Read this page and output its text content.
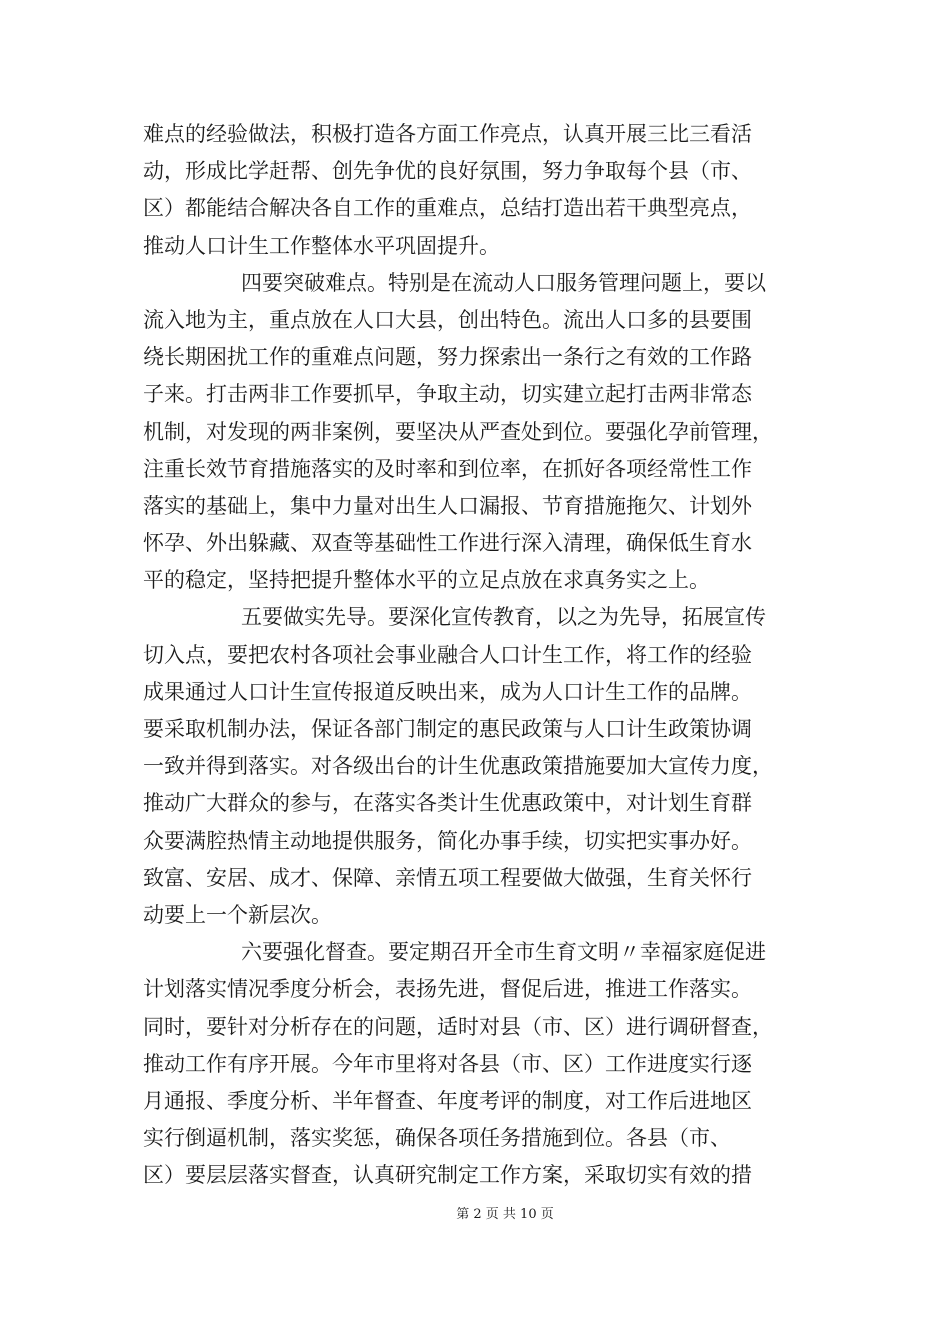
难点的经验做法，积极打造各方面工作亮点，认真开展三比三看活
动，形成比学赶帮、创先争优的良好氛围，努力争取每个县（市、
区）都能结合解决各自工作的重难点，总结打造出若干典型亮点，
推动人口计生工作整体水平巩固提升。
四要突破难点。特别是在流动人口服务管理问题上，要以
流入地为主，重点放在人口大县，创出特色。流出人口多的县要围
绕长期困扰工作的重难点问题，努力探索出一条行之有效的工作路
子来。打击两非工作要抓早，争取主动，切实建立起打击两非常态
机制，对发现的两非案例，要坚决从严查处到位。要强化孕前管理，
注重长效节育措施落实的及时率和到位率，在抓好各项经常性工作
落实的基础上，集中力量对出生人口漏报、节育措施拖欠、计划外
怀孕、外出躲藏、双查等基础性工作进行深入清理，确保低生育水
平的稳定，坚持把提升整体水平的立足点放在求真务实之上。
五要做实先导。要深化宣传教育，以之为先导，拓展宣传
切入点，要把农村各项社会事业融合人口计生工作，将工作的经验
成果通过人口计生宣传报道反映出来，成为人口计生工作的品牌。
要采取机制办法，保证各部门制定的惠民政策与人口计生政策协调
一致并得到落实。对各级出台的计生优惠政策措施要加大宣传力度，
推动广大群众的参与，在落实各类计生优惠政策中，对计划生育群
众要满腔热情主动地提供服务，简化办事手续，切实把实事办好。
致富、安居、成才、保障、亲情五项工程要做大做强，生育关怀行
动要上一个新层次。
六要强化督查。要定期召开全市生育文明〃幸福家庭促进
计划落实情况季度分析会，表扬先进，督促后进，推进工作落实。
同时，要针对分析存在的问题，适时对县（市、区）进行调研督查，
推动工作有序开展。今年市里将对各县（市、区）工作进度实行逐
月通报、季度分析、半年督查、年度考评的制度，对工作后进地区
实行倒逼机制，落实奖惩，确保各项任务措施到位。各县（市、
区）要层层落实督查，认真研究制定工作方案，采取切实有效的措
第 2 页 共 10 页
